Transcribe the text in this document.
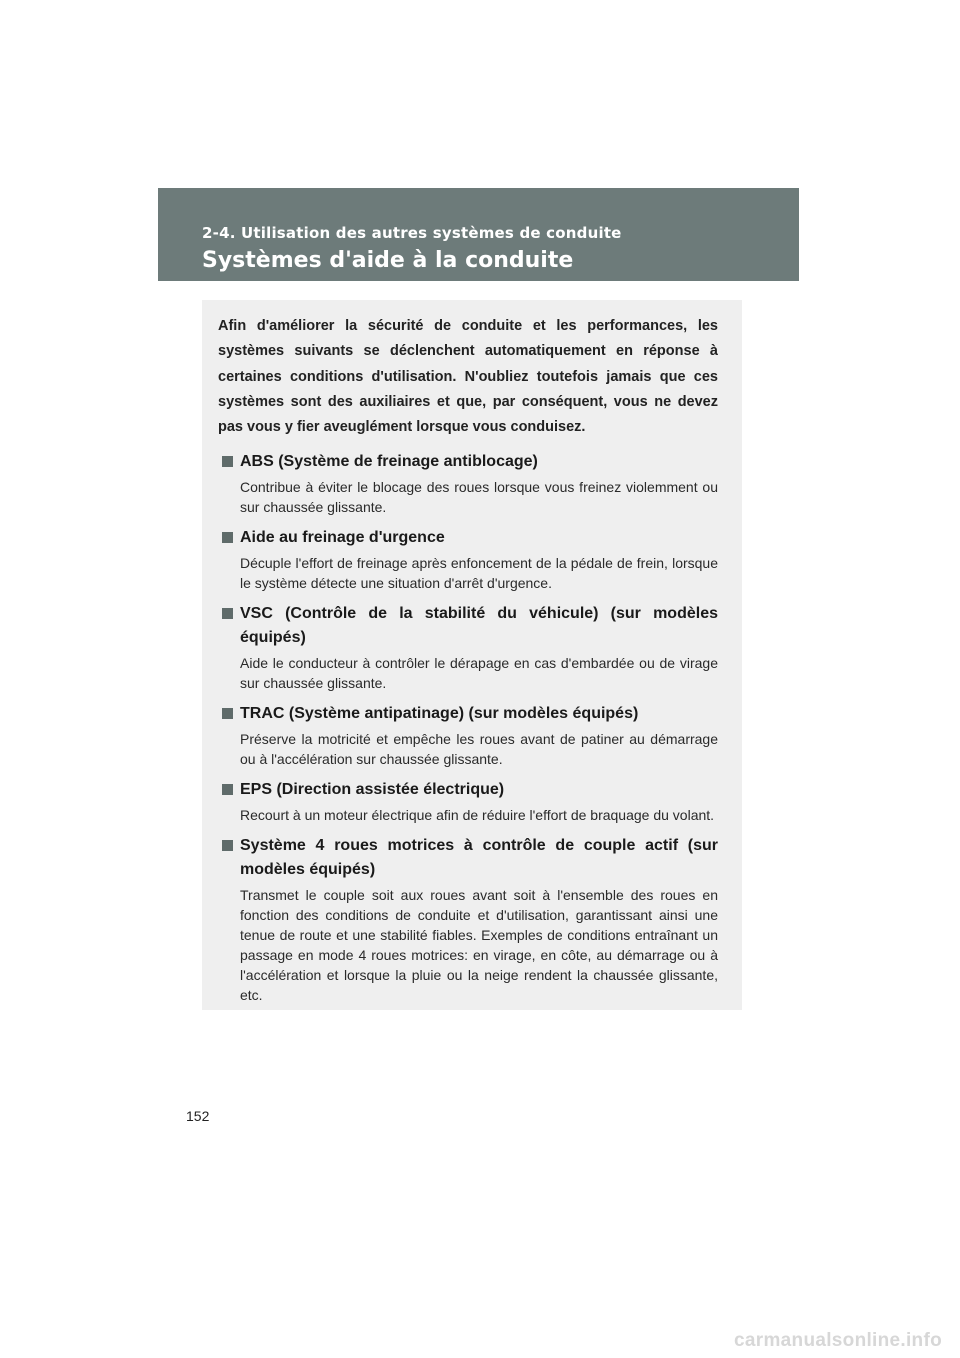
2-4. Utilisation des autres systèmes de conduite
Systèmes d'aide à la conduite

Afin d'améliorer la sécurité de conduite et les performances, les systèmes suivants se déclenchent automatiquement en réponse à certaines conditions d'utilisation. N'oubliez toutefois jamais que ces systèmes sont des auxiliaires et que, par conséquent, vous ne devez pas vous y fier aveuglément lorsque vous conduisez.

ABS (Système de freinage antiblocage)

Contribue à éviter le blocage des roues lorsque vous freinez violemment ou sur chaussée glissante.

Aide au freinage d'urgence

Décuple l'effort de freinage après enfoncement de la pédale de frein, lorsque le système détecte une situation d'arrêt d'urgence.

VSC (Contrôle de la stabilité du véhicule) (sur modèles équipés)

Aide le conducteur à contrôler le dérapage en cas d'embardée ou de virage sur chaussée glissante.

TRAC (Système antipatinage) (sur modèles équipés)

Préserve la motricité et empêche les roues avant de patiner au démarrage ou à l'accélération sur chaussée glissante.

EPS (Direction assistée électrique)

Recourt à un moteur électrique afin de réduire l'effort de braquage du volant.

Système 4 roues motrices à contrôle de couple actif (sur modèles équipés)

Transmet le couple soit aux roues avant soit à l'ensemble des roues en fonction des conditions de conduite et d'utilisation, garantissant ainsi une tenue de route et une stabilité fiables. Exemples de conditions entraînant un passage en mode 4 roues motrices: en virage, en côte, au démarrage ou à l'accélération et lorsque la pluie ou la neige rendent la chaussée glissante, etc.

152
carmanualsonline.info
